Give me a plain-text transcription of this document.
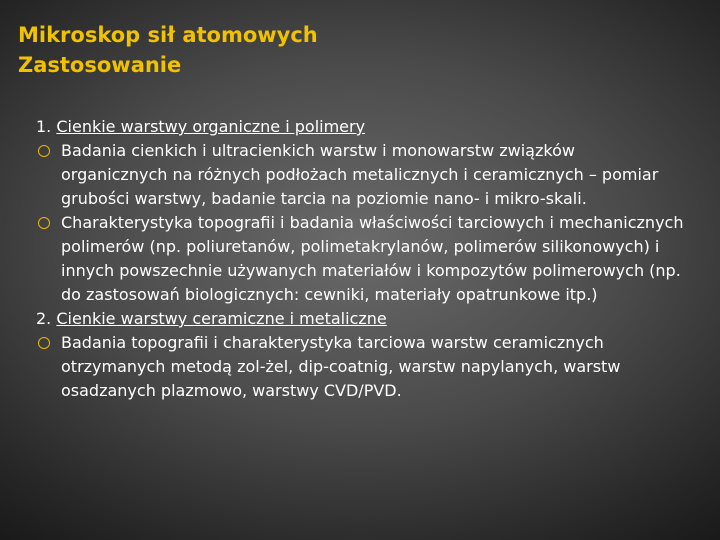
Mikroskop sił atomowych
Zastosowanie
1. Cienkie warstwy organiczne i polimery
Badania cienkich i ultracienkich warstw i monowarstw związków organicznych na różnych podłożach metalicznych i ceramicznych – pomiar grubości warstwy, badanie tarcia na poziomie nano- i mikro-skali.
Charakterystyka topografii i badania właściwości tarciowych i mechanicznych polimerów (np. poliuretanów, polimetakrylanów, polimerów silikonowych) i innych powszechnie używanych materiałów i kompozytów polimerowych (np. do zastosowań biologicznych: cewniki, materiały opatrunkowe itp.)
2. Cienkie warstwy ceramiczne i metaliczne
Badania topografii i charakterystyka tarciowa warstw ceramicznych otrzymanych metodą zol-żel, dip-coatnig, warstw napylanych, warstw osadzanych plazmowo, warstwy CVD/PVD.
